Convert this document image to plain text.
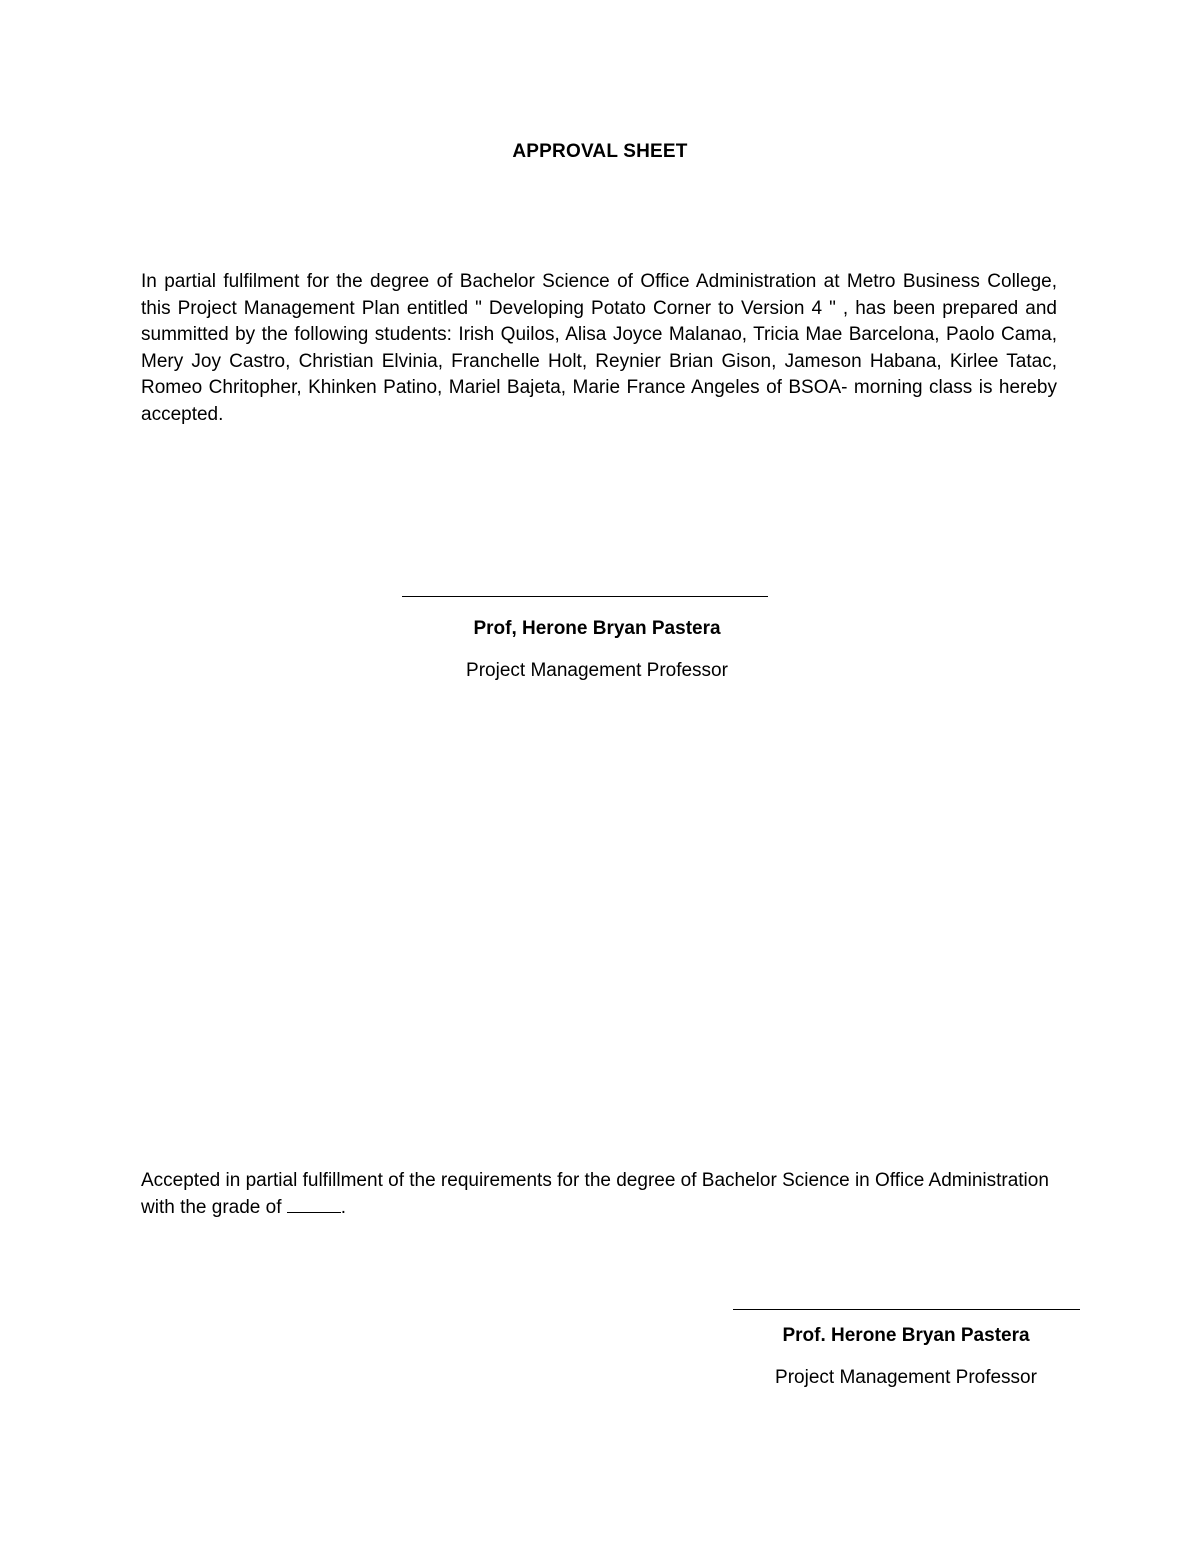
APPROVAL SHEET
In partial fulfilment for the degree of Bachelor Science of Office Administration at Metro Business College, this Project Management Plan entitled " Developing Potato Corner to Version 4 " , has been prepared and summitted by the following students: Irish Quilos, Alisa Joyce Malanao, Tricia Mae Barcelona, Paolo Cama, Mery Joy Castro, Christian Elvinia, Franchelle Holt, Reynier Brian Gison, Jameson Habana, Kirlee Tatac, Romeo Chritopher, Khinken Patino, Mariel Bajeta, Marie France Angeles of BSOA- morning class is hereby accepted.
Prof, Herone Bryan Pastera
Project Management Professor
Accepted in partial fulfillment of the requirements for the degree of Bachelor Science in Office Administration with the grade of	.
Prof. Herone Bryan Pastera
Project Management Professor
